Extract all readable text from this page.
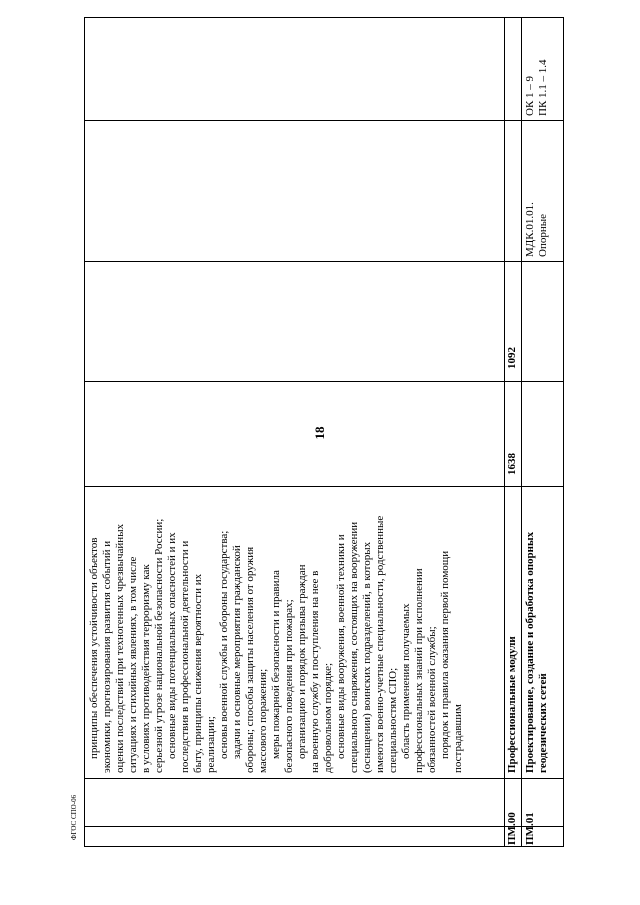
18
принципы обеспечения устойчивости объектов экономики, прогнозирования развития событий и оценки последствий при техногенных чрезвычайных ситуациях и стихийных явлениях, в том числе в условиях противодействия терроризму как серьезной угрозе национальной безопасности России; основные виды потенциальных опасностей и их последствия в профессиональной деятельности и быту, принципы снижения вероятности их реализации; основы военной службы и обороны государства; задачи и основные мероприятия гражданской обороны; способы защиты населения от оружия массового поражения; меры пожарной безопасности и правила безопасного поведения при пожарах; организацию и порядок призыва граждан на военную службу и поступления на нее в добровольном порядке; основные виды вооружения, военной техники и специального снаряжения, состоящих на вооружении (оснащении) воинских подразделений, в которых имеются военно-учетные специальности, родственные специальностям СПО; область применения получаемых профессиональных знаний при исполнении обязанностей военной службы; порядок и правила оказания первой помощи пострадавшим
ПМ.00
Профессиональные модули
1638
1092
ПМ.01
Проектирование, создание и обработка опорных геодезических сетей
МДК.01.01. Опорные
ОК 1 – 9 ПК 1.1 – 1.4
ФГОС СПО-06
